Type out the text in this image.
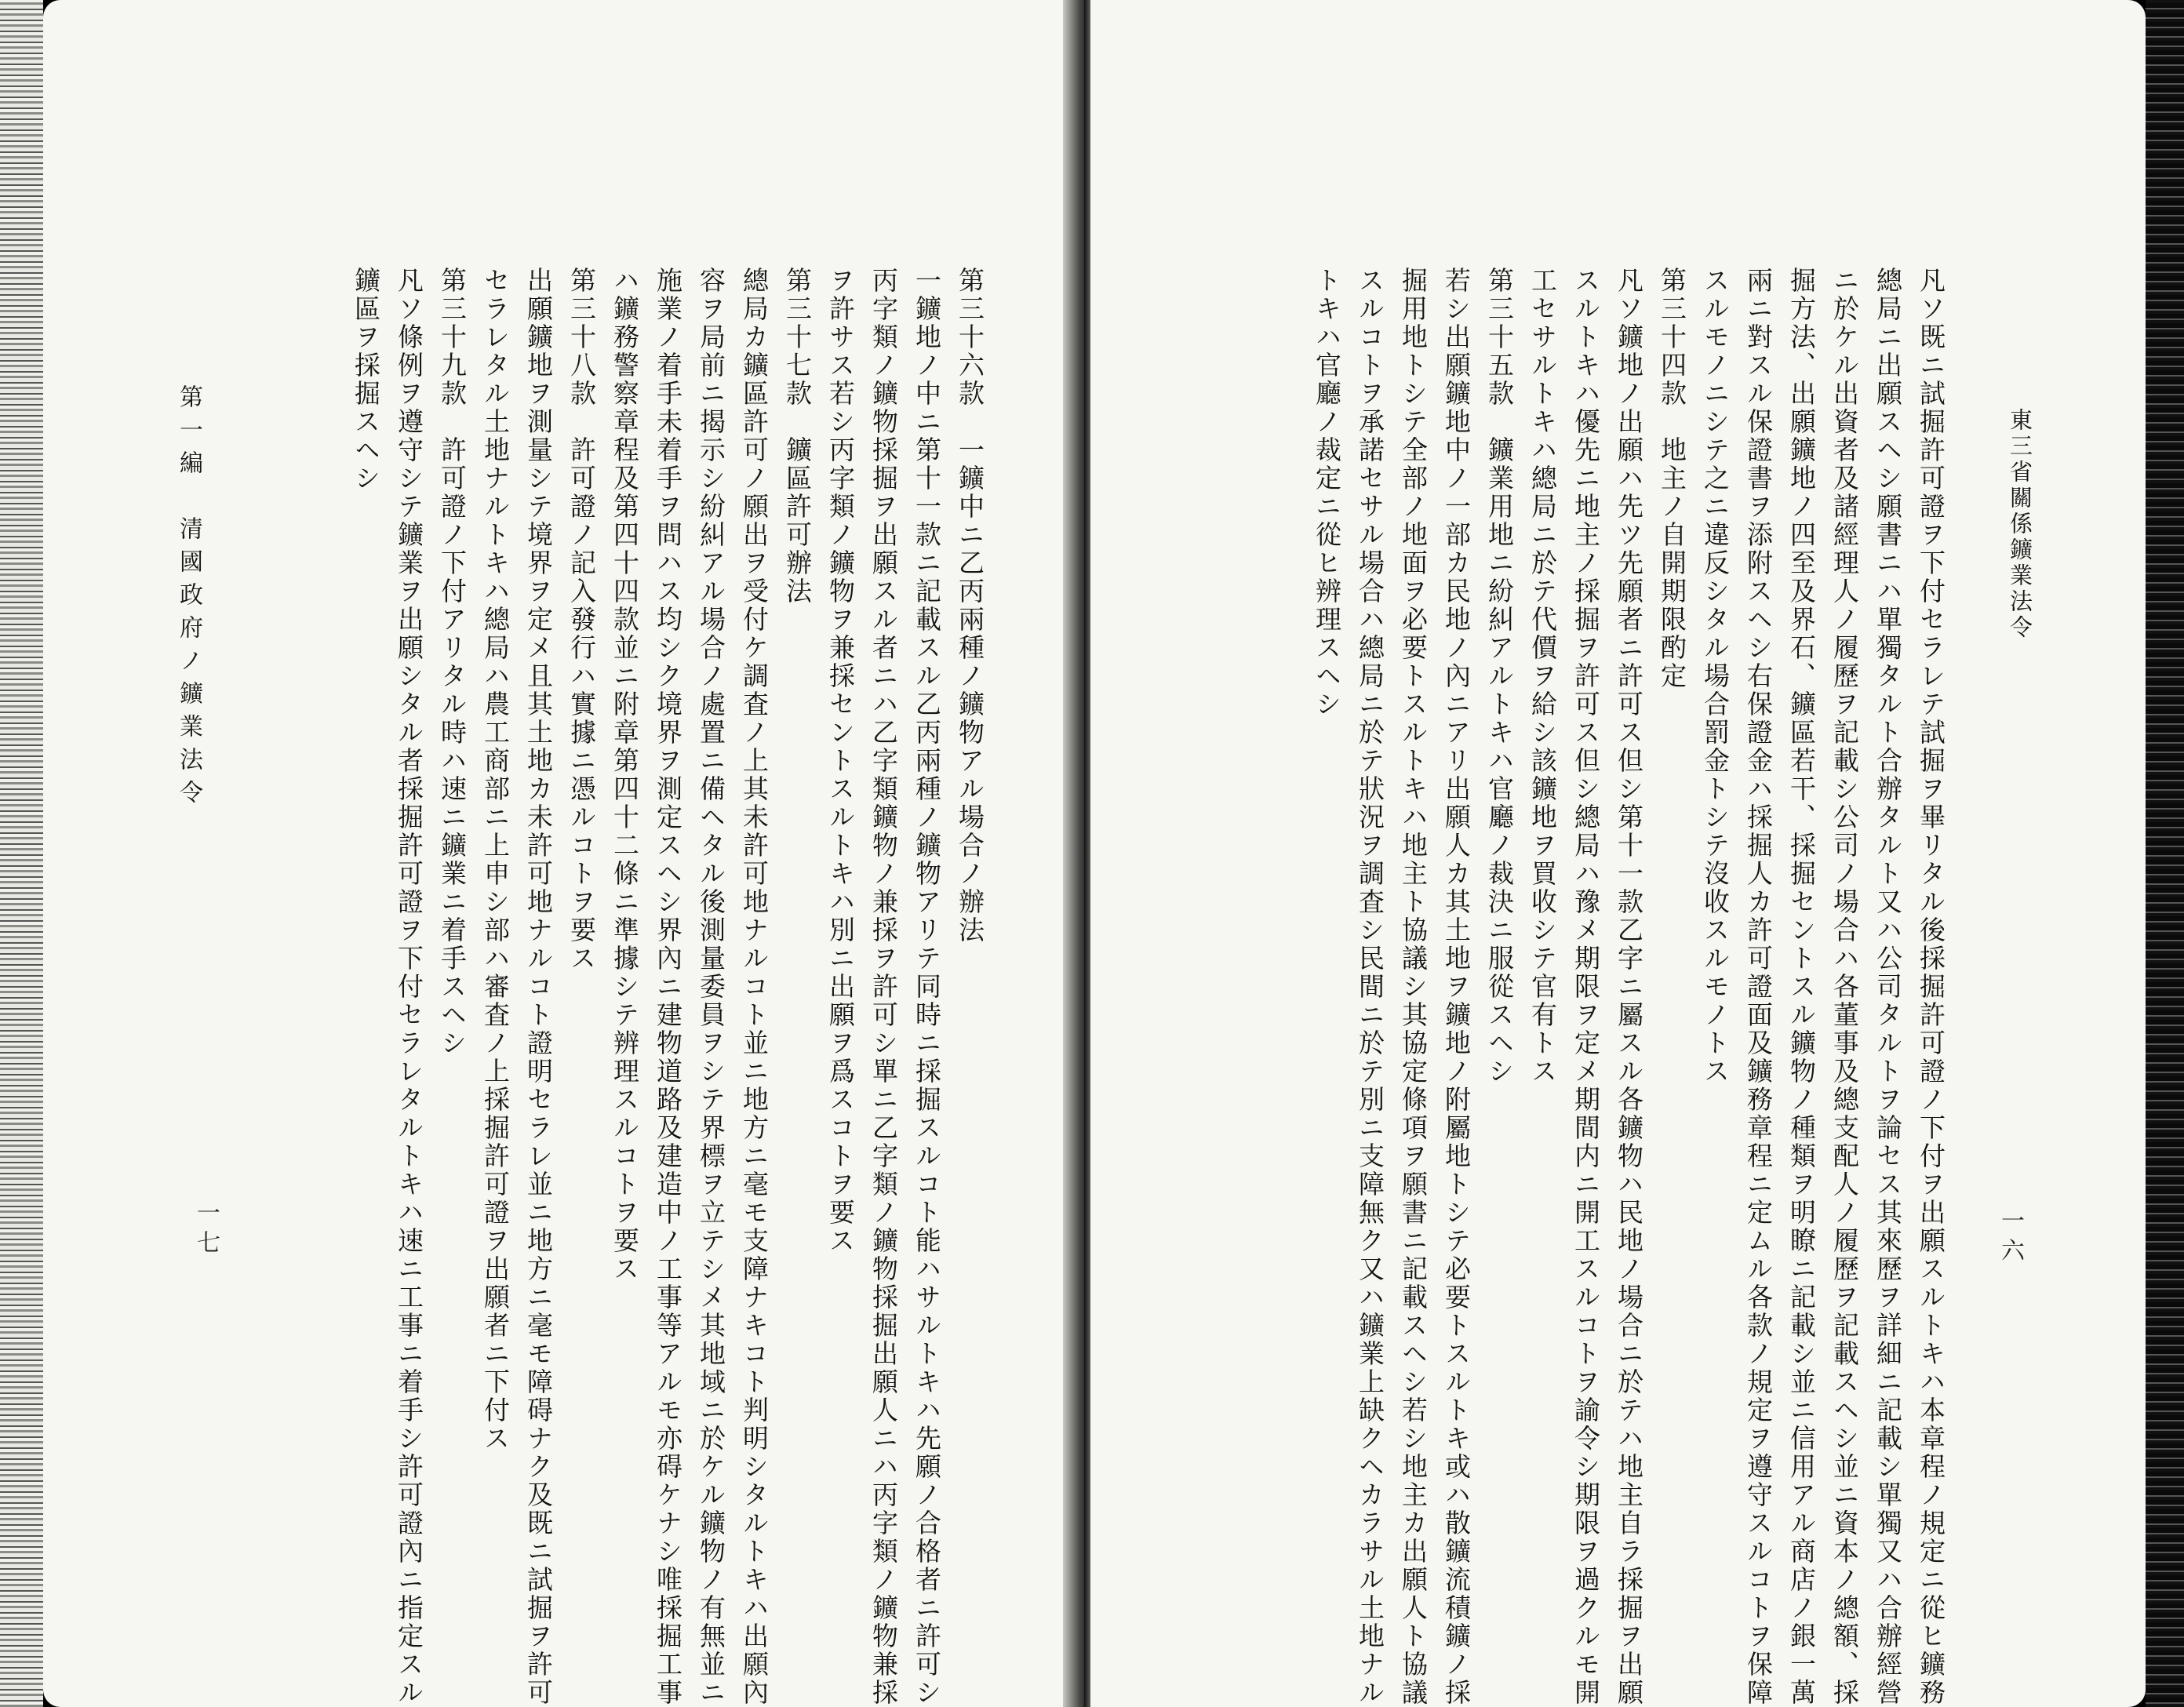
第三十六款　一鑛中ニ乙丙兩種ノ鑛物アル場合ノ辦法
一鑛地ノ中ニ第十一款ニ記載スル乙丙兩種ノ鑛物アリテ同時ニ採掘スルコト能ハサルトキハ先願ノ合格者ニ許可シ
丙字類ノ鑛物採掘ヲ出願スル者ニハ乙字類鑛物ノ兼採ヲ許可シ單ニ乙字類ノ鑛物採掘出願人ニハ丙字類ノ鑛物兼採
ヲ許サス若シ丙字類ノ鑛物ヲ兼採セントスルトキハ別ニ出願ヲ爲スコトヲ要ス
第三十七款　鑛區許可辦法
總局カ鑛區許可ノ願出ヲ受付ケ調査ノ上其未許可地ナルコト並ニ地方ニ毫モ支障ナキコト判明シタルトキハ出願內
容ヲ局前ニ揭示シ紛糾アル場合ノ處置ニ備ヘタル後測量委員ヲシテ界標ヲ立テシメ其地域ニ於ケル鑛物ノ有無並ニ
施業ノ着手未着手ヲ問ハス均シク境界ヲ測定スヘシ界內ニ建物道路及建造中ノ工事等アルモ亦碍ケナシ唯採掘工事
ハ鑛務警察章程及第四十四款並ニ附章第四十二條ニ準據シテ辨理スルコトヲ要ス
第三十八款　許可證ノ記入發行ハ實據ニ憑ルコトヲ要ス
出願鑛地ヲ測量シテ境界ヲ定メ且其土地カ未許可地ナルコト證明セラレ並ニ地方ニ毫モ障碍ナク及既ニ試掘ヲ許可
セラレタル土地ナルトキハ總局ハ農工商部ニ上申シ部ハ審査ノ上採掘許可證ヲ出願者ニ下付ス
第三十九款　許可證ノ下付アリタル時ハ速ニ鑛業ニ着手スヘシ
凡ソ條例ヲ遵守シテ鑛業ヲ出願シタル者採掘許可證ヲ下付セラレタルトキハ速ニ工事ニ着手シ許可證內ニ指定スル
鑛區ヲ採掘スヘシ
第一編　清國政府ノ鑛業法令
一七
東三省關係鑛業法令
一六
凡ソ既ニ試掘許可證ヲ下付セラレテ試掘ヲ畢リタル後採掘許可證ノ下付ヲ出願スルトキハ本章程ノ規定ニ從ヒ鑛務
總局ニ出願スヘシ願書ニハ單獨タルト合辦タルト又ハ公司タルトヲ論セス其來歷ヲ詳細ニ記載シ單獨又ハ合辦經營
ニ於ケル出資者及諸經理人ノ履歷ヲ記載シ公司ノ場合ハ各董事及總支配人ノ履歷ヲ記載スヘシ並ニ資本ノ總額、採
掘方法、出願鑛地ノ四至及界石、鑛區若干、採掘セントスル鑛物ノ種類ヲ明瞭ニ記載シ並ニ信用アル商店ノ銀一萬
兩ニ對スル保證書ヲ添附スヘシ右保證金ハ採掘人カ許可證面及鑛務章程ニ定ムル各款ノ規定ヲ遵守スルコトヲ保障
スルモノニシテ之ニ違反シタル場合罰金トシテ沒收スルモノトス
第三十四款　地主ノ自開期限酌定
凡ソ鑛地ノ出願ハ先ツ先願者ニ許可ス但シ第十一款乙字ニ屬スル各鑛物ハ民地ノ場合ニ於テハ地主自ラ採掘ヲ出願
スルトキハ優先ニ地主ノ採掘ヲ許可ス但シ總局ハ豫メ期限ヲ定メ期間内ニ開工スルコトヲ諭令シ期限ヲ過クルモ開
工セサルトキハ總局ニ於テ代價ヲ給シ該鑛地ヲ買收シテ官有トス
第三十五款　鑛業用地ニ紛糾アルトキハ官廳ノ裁決ニ服從スヘシ
若シ出願鑛地中ノ一部カ民地ノ內ニアリ出願人カ其土地ヲ鑛地ノ附屬地トシテ必要トスルトキ或ハ散鑛流積鑛ノ採
掘用地トシテ全部ノ地面ヲ必要トスルトキハ地主ト協議シ其協定條項ヲ願書ニ記載スヘシ若シ地主カ出願人ト協議
スルコトヲ承諾セサル場合ハ總局ニ於テ狀況ヲ調査シ民間ニ於テ別ニ支障無ク又ハ鑛業上缺クヘカラサル土地ナル
トキハ官廳ノ裁定ニ從ヒ辨理スヘシ
